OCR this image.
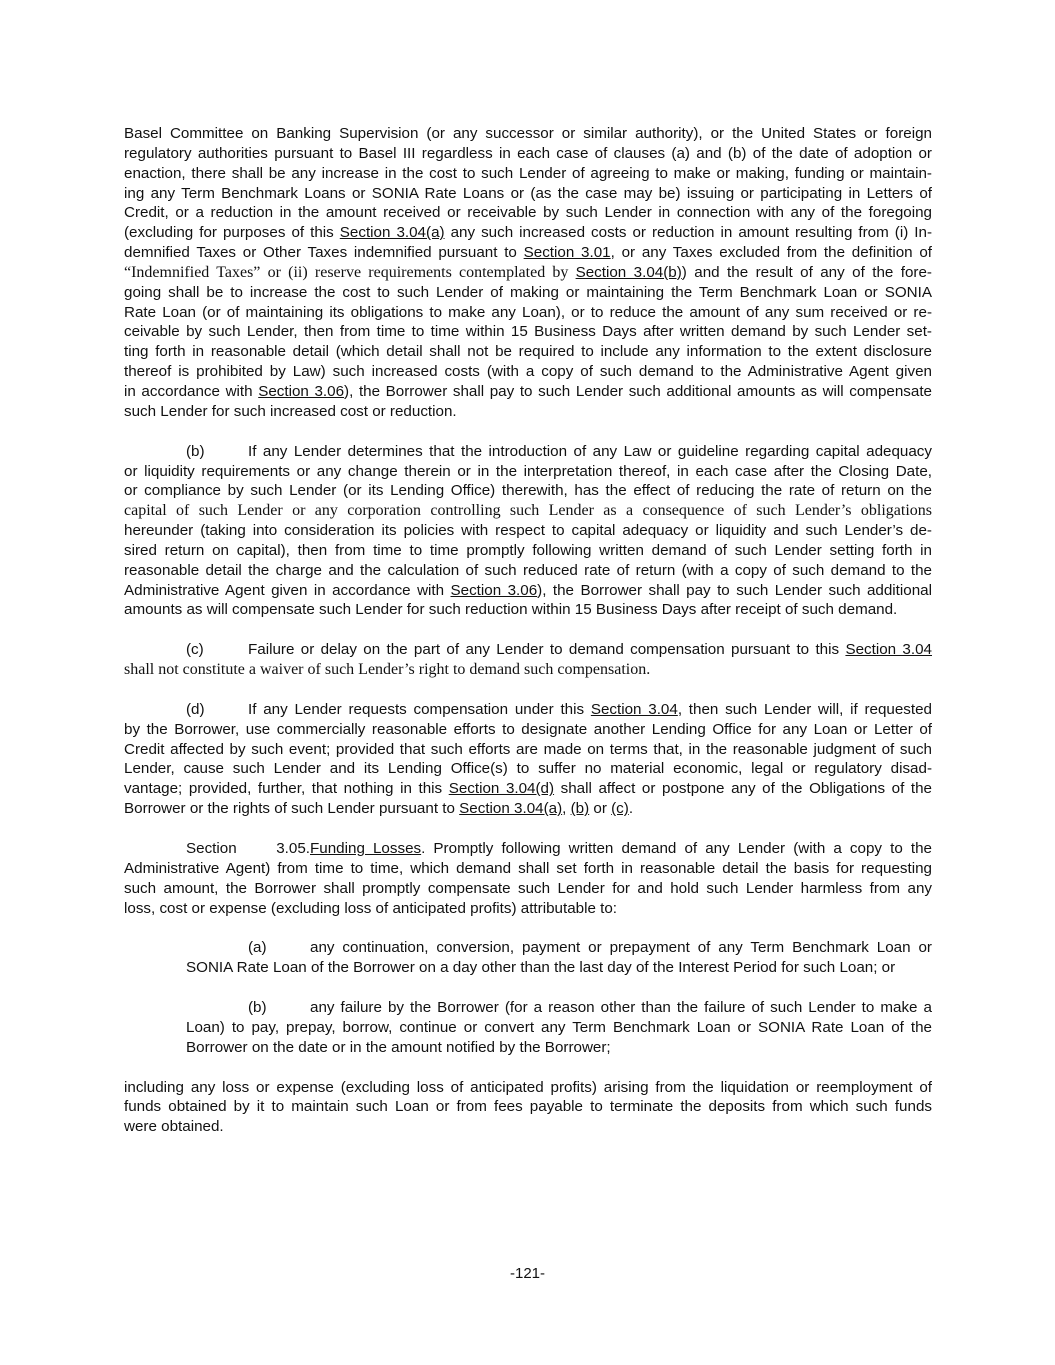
Basel Committee on Banking Supervision (or any successor or similar authority), or the United States or foreign
regulatory authorities pursuant to Basel III regardless in each case of clauses (a) and (b) of the date of adoption or
enaction, there shall be any increase in the cost to such Lender of agreeing to make or making, funding or maintain-
ing any Term Benchmark Loans or SONIA Rate Loans or (as the case may be) issuing or participating in Letters of
Credit, or a reduction in the amount received or receivable by such Lender in connection with any of the foregoing
(excluding for purposes of this Section 3.04(a) any such increased costs or reduction in amount resulting from (i) In-
demnified Taxes or Other Taxes indemnified pursuant to Section 3.01, or any Taxes excluded from the definition of
“Indemnified Taxes” or (ii) reserve requirements contemplated by Section 3.04(b)) and the result of any of the fore-
going shall be to increase the cost to such Lender of making or maintaining the Term Benchmark Loan or SONIA
Rate Loan (or of maintaining its obligations to make any Loan), or to reduce the amount of any sum received or re-
ceivable by such Lender, then from time to time within 15 Business Days after written demand by such Lender set-
ting forth in reasonable detail (which detail shall not be required to include any information to the extent disclosure
thereof is prohibited by Law) such increased costs (with a copy of such demand to the Administrative Agent given
in accordance with Section 3.06), the Borrower shall pay to such Lender such additional amounts as will compensate
such Lender for such increased cost or reduction.
(b)	If any Lender determines that the introduction of any Law or guideline regarding capital adequacy
or liquidity requirements or any change therein or in the interpretation thereof, in each case after the Closing Date,
or compliance by such Lender (or its Lending Office) therewith, has the effect of reducing the rate of return on the
capital of such Lender or any corporation controlling such Lender as a consequence of such Lender’s obligations
hereunder (taking into consideration its policies with respect to capital adequacy or liquidity and such Lender’s de-
sired return on capital), then from time to time promptly following written demand of such Lender setting forth in
reasonable detail the charge and the calculation of such reduced rate of return (with a copy of such demand to the
Administrative Agent given in accordance with Section 3.06), the Borrower shall pay to such Lender such additional
amounts as will compensate such Lender for such reduction within 15 Business Days after receipt of such demand.
(c)	Failure or delay on the part of any Lender to demand compensation pursuant to this Section 3.04
shall not constitute a waiver of such Lender’s right to demand such compensation.
(d)	If any Lender requests compensation under this Section 3.04, then such Lender will, if requested
by the Borrower, use commercially reasonable efforts to designate another Lending Office for any Loan or Letter of
Credit affected by such event; provided that such efforts are made on terms that, in the reasonable judgment of such
Lender, cause such Lender and its Lending Office(s) to suffer no material economic, legal or regulatory disad-
vantage; provided, further, that nothing in this Section 3.04(d) shall affect or postpone any of the Obligations of the
Borrower or the rights of such Lender pursuant to Section 3.04(a), (b) or (c).
Section 3.05.Funding Losses. Promptly following written demand of any Lender (with a copy to the
Administrative Agent) from time to time, which demand shall set forth in reasonable detail the basis for requesting
such amount, the Borrower shall promptly compensate such Lender for and hold such Lender harmless from any
loss, cost or expense (excluding loss of anticipated profits) attributable to:
(a)	any continuation, conversion, payment or prepayment of any Term Benchmark Loan or
SONIA Rate Loan of the Borrower on a day other than the last day of the Interest Period for such Loan; or
(b)	any failure by the Borrower (for a reason other than the failure of such Lender to make a
Loan) to pay, prepay, borrow, continue or convert any Term Benchmark Loan or SONIA Rate Loan of the
Borrower on the date or in the amount notified by the Borrower;
including any loss or expense (excluding loss of anticipated profits) arising from the liquidation or reemployment of
funds obtained by it to maintain such Loan or from fees payable to terminate the deposits from which such funds
were obtained.
-121-
